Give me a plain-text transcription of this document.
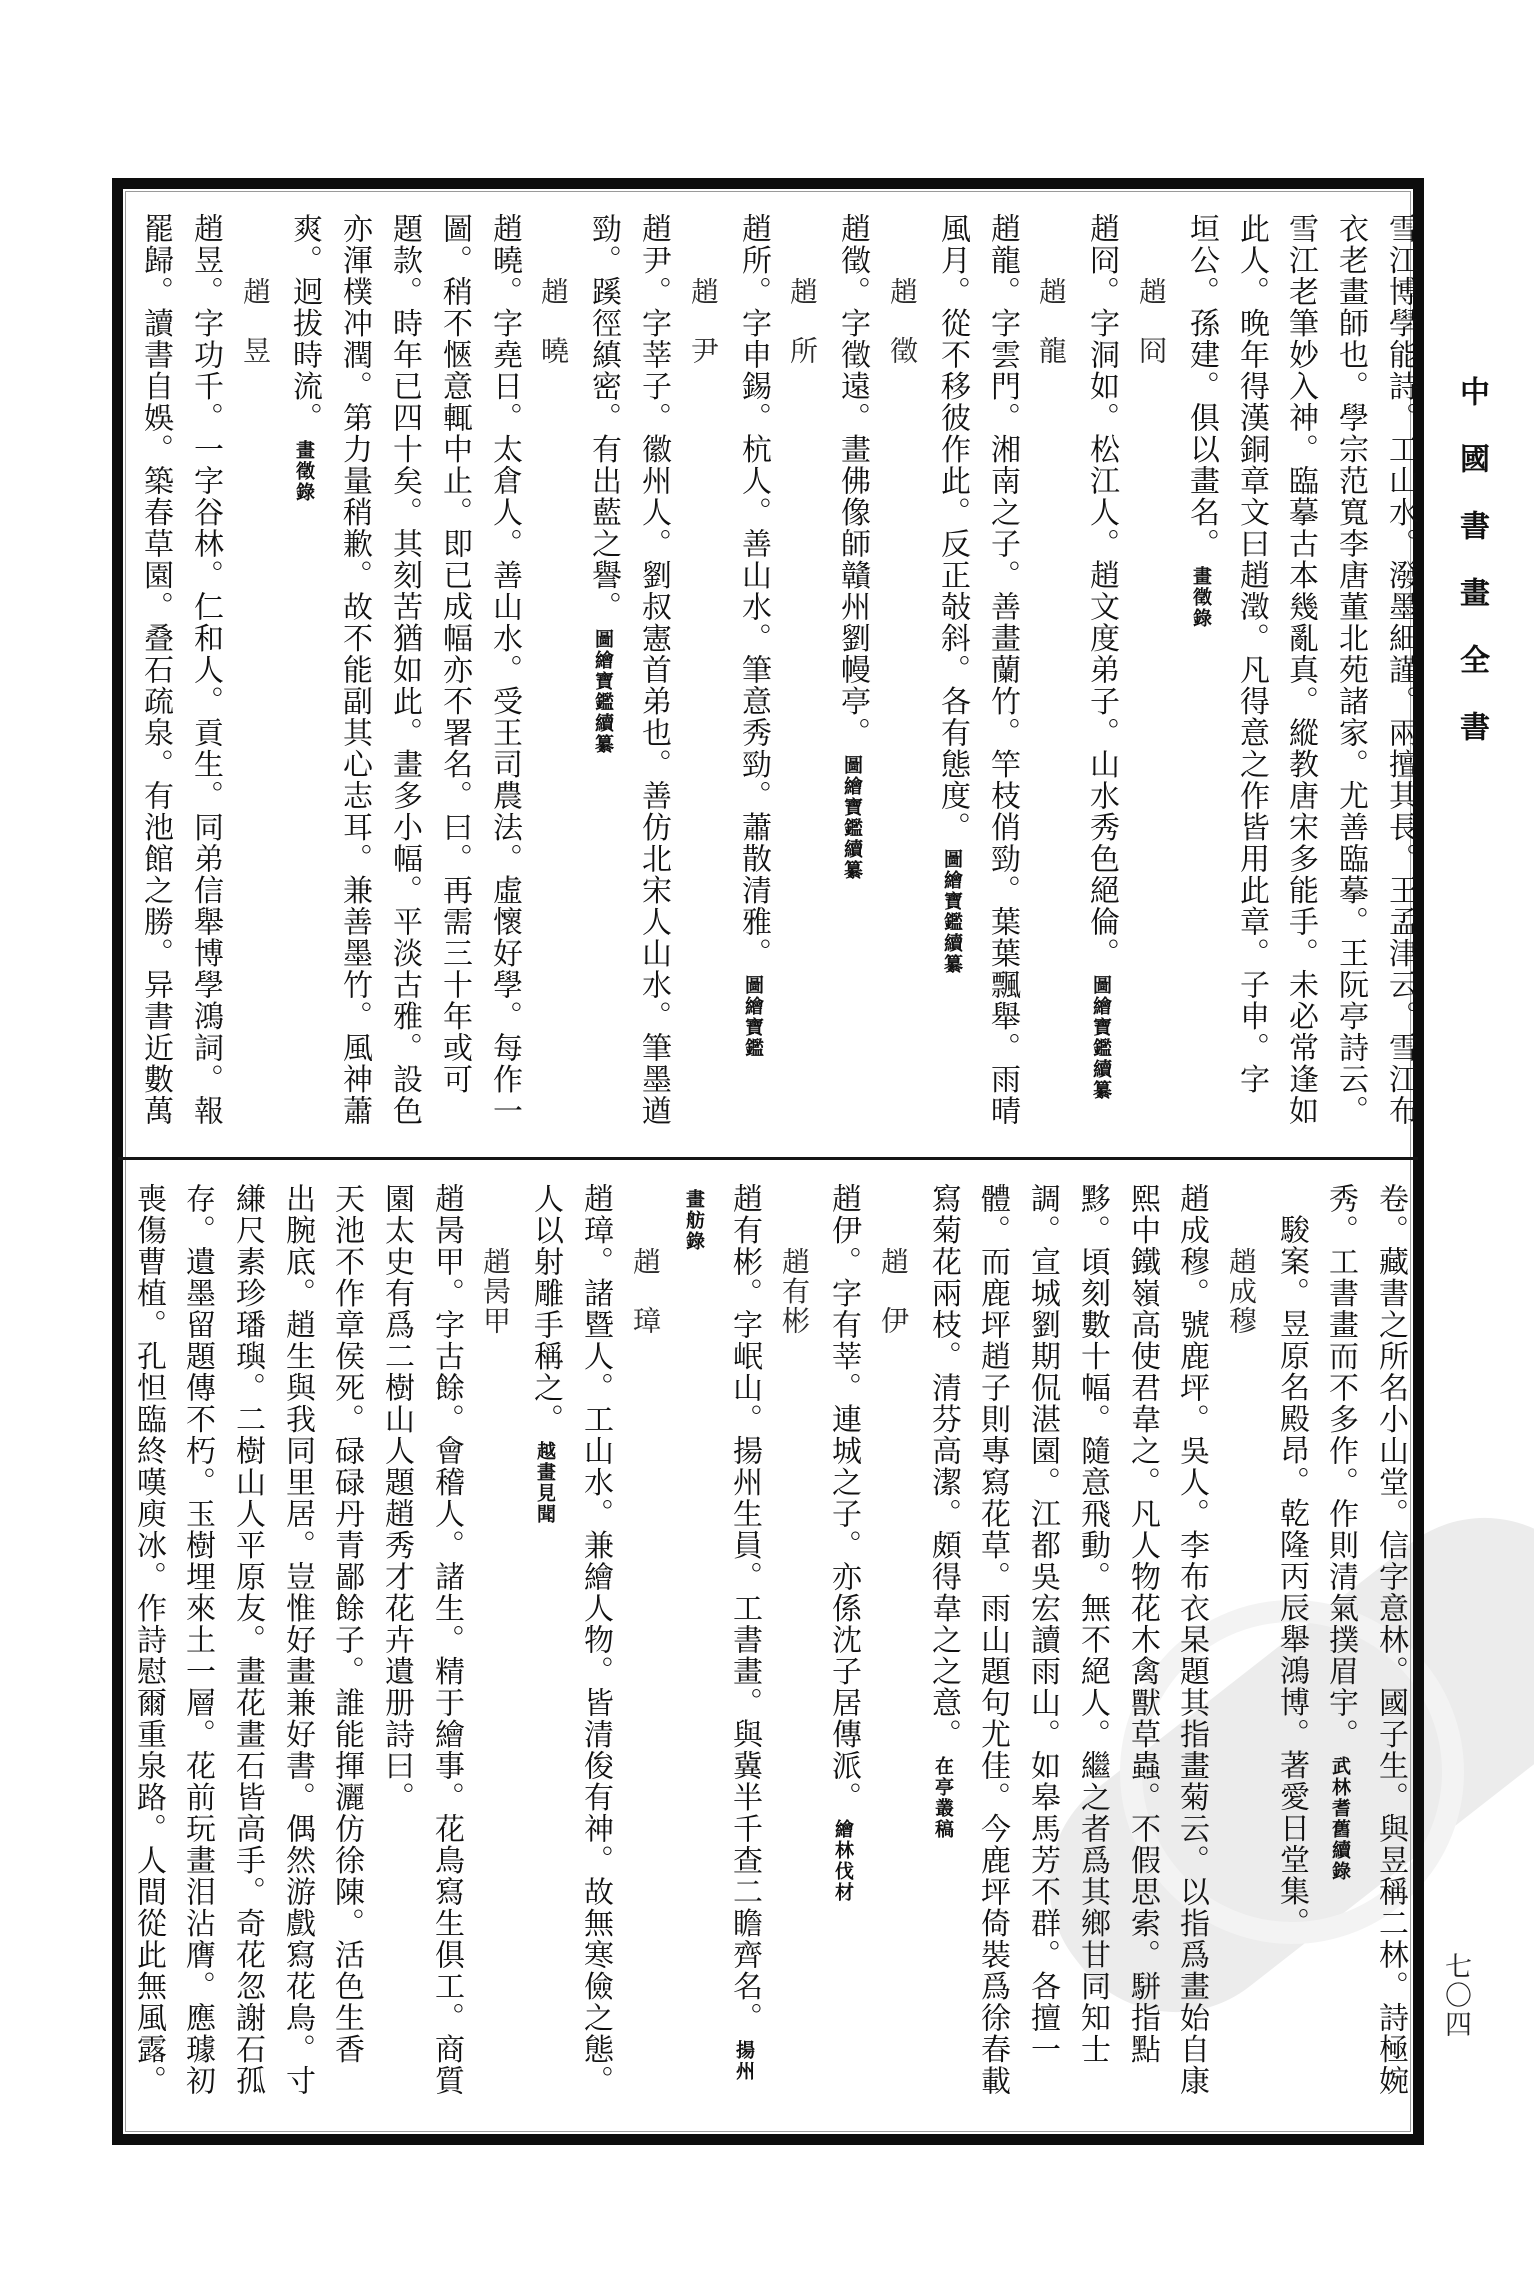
中國書畫全書
七〇四
雪江博學能詩。工山水。潑墨細謹。兩擅其長。王孟津云。雪江布
衣老畫師也。學宗范寬李唐董北苑諸家。尤善臨摹。王阮亭詩云。
雪江老筆妙入神。臨摹古本幾亂真。縱教唐宋多能手。未必常逢如
此人。晚年得漢銅章文曰趙澂。凡得意之作皆用此章。子申。字
垣公。孫建。俱以畫名。畫徵錄
趙　冏
趙冏。字洞如。松江人。趙文度弟子。山水秀色絕倫。圖繪寶鑑續纂
趙　龍
趙龍。字雲門。湘南之子。善畫蘭竹。竿枝俏勁。葉葉飄舉。雨晴
風月。從不移彼作此。反正敧斜。各有態度。圖繪寶鑑續纂
趙　徵
趙徵。字徵遠。畫佛像師贛州劉幔亭。圖繪寶鑑續纂
趙　所
趙所。字申錫。杭人。善山水。筆意秀勁。蕭散清雅。圖繪寶鑑
趙　尹
趙尹。字莘子。徽州人。劉叔憲首弟也。善仿北宋人山水。筆墨遒
勁。蹊徑縝密。有出藍之譽。圖繪寶鑑續纂
趙　曉
趙曉。字堯日。太倉人。善山水。受王司農法。虛懷好學。每作一
圖。稍不愜意輒中止。即已成幅亦不署名。曰。再需三十年或可
題款。時年已四十矣。其刻苦猶如此。畫多小幅。平淡古雅。設色
亦渾樸冲潤。第力量稍歉。故不能副其心志耳。兼善墨竹。風神蕭
爽。迥拔時流。畫徵錄
趙　昱
趙昱。字功千。一字谷林。仁和人。貢生。同弟信舉博學鴻詞。報
罷歸。讀書自娛。築春草園。叠石疏泉。有池館之勝。异書近數萬
卷。藏書之所名小山堂。信字意林。國子生。與昱稱二林。詩極婉
秀。工書畫而不多作。作則清氣撲眉宇。武林耆舊續錄
駿案。昱原名殿昂。乾隆丙辰舉鴻博。著愛日堂集。
趙成穆
趙成穆。號鹿坪。吳人。李布衣杲題其指畫菊云。以指爲畫始自康
熙中鐵嶺高使君韋之。凡人物花木禽獸草蟲。不假思索。駢指點
黟。頃刻數十幅。隨意飛動。無不絕人。繼之者爲其鄉甘同知士
調。宣城劉期侃湛園。江都吳宏讀雨山。如皋馬芳不群。各擅一
體。而鹿坪趙子則專寫花草。雨山題句尤佳。今鹿坪倚裝爲徐春載
寫菊花兩枝。清芬高潔。頗得韋之之意。在亭叢稿
趙　伊
趙伊。字有莘。連城之子。亦係沈子居傳派。繪林伐材
趙有彬
趙有彬。字岷山。揚州生員。工書畫。與冀半千查二瞻齊名。揚州
畫舫錄
趙　璋
趙璋。諸暨人。工山水。兼繪人物。皆清俊有神。故無寒儉之態。
人以射雕手稱之。越畫見聞
趙昺甲
趙昺甲。字古餘。會稽人。諸生。精于繪事。花鳥寫生俱工。商質
園太史有爲二樹山人題趙秀才花卉遺册詩曰。
天池不作章侯死。碌碌丹青鄙餘子。誰能揮灑仿徐陳。活色生香
出腕底。趙生與我同里居。豈惟好畫兼好書。偶然游戲寫花鳥。寸
縑尺素珍璠璵。二樹山人平原友。畫花畫石皆高手。奇花忽謝石孤
存。遺墨留題傳不朽。玉樹埋來土一層。花前玩畫泪沾膺。應璩初
喪傷曹植。孔怛臨終嘆庾冰。作詩慰爾重泉路。人間從此無風露。
